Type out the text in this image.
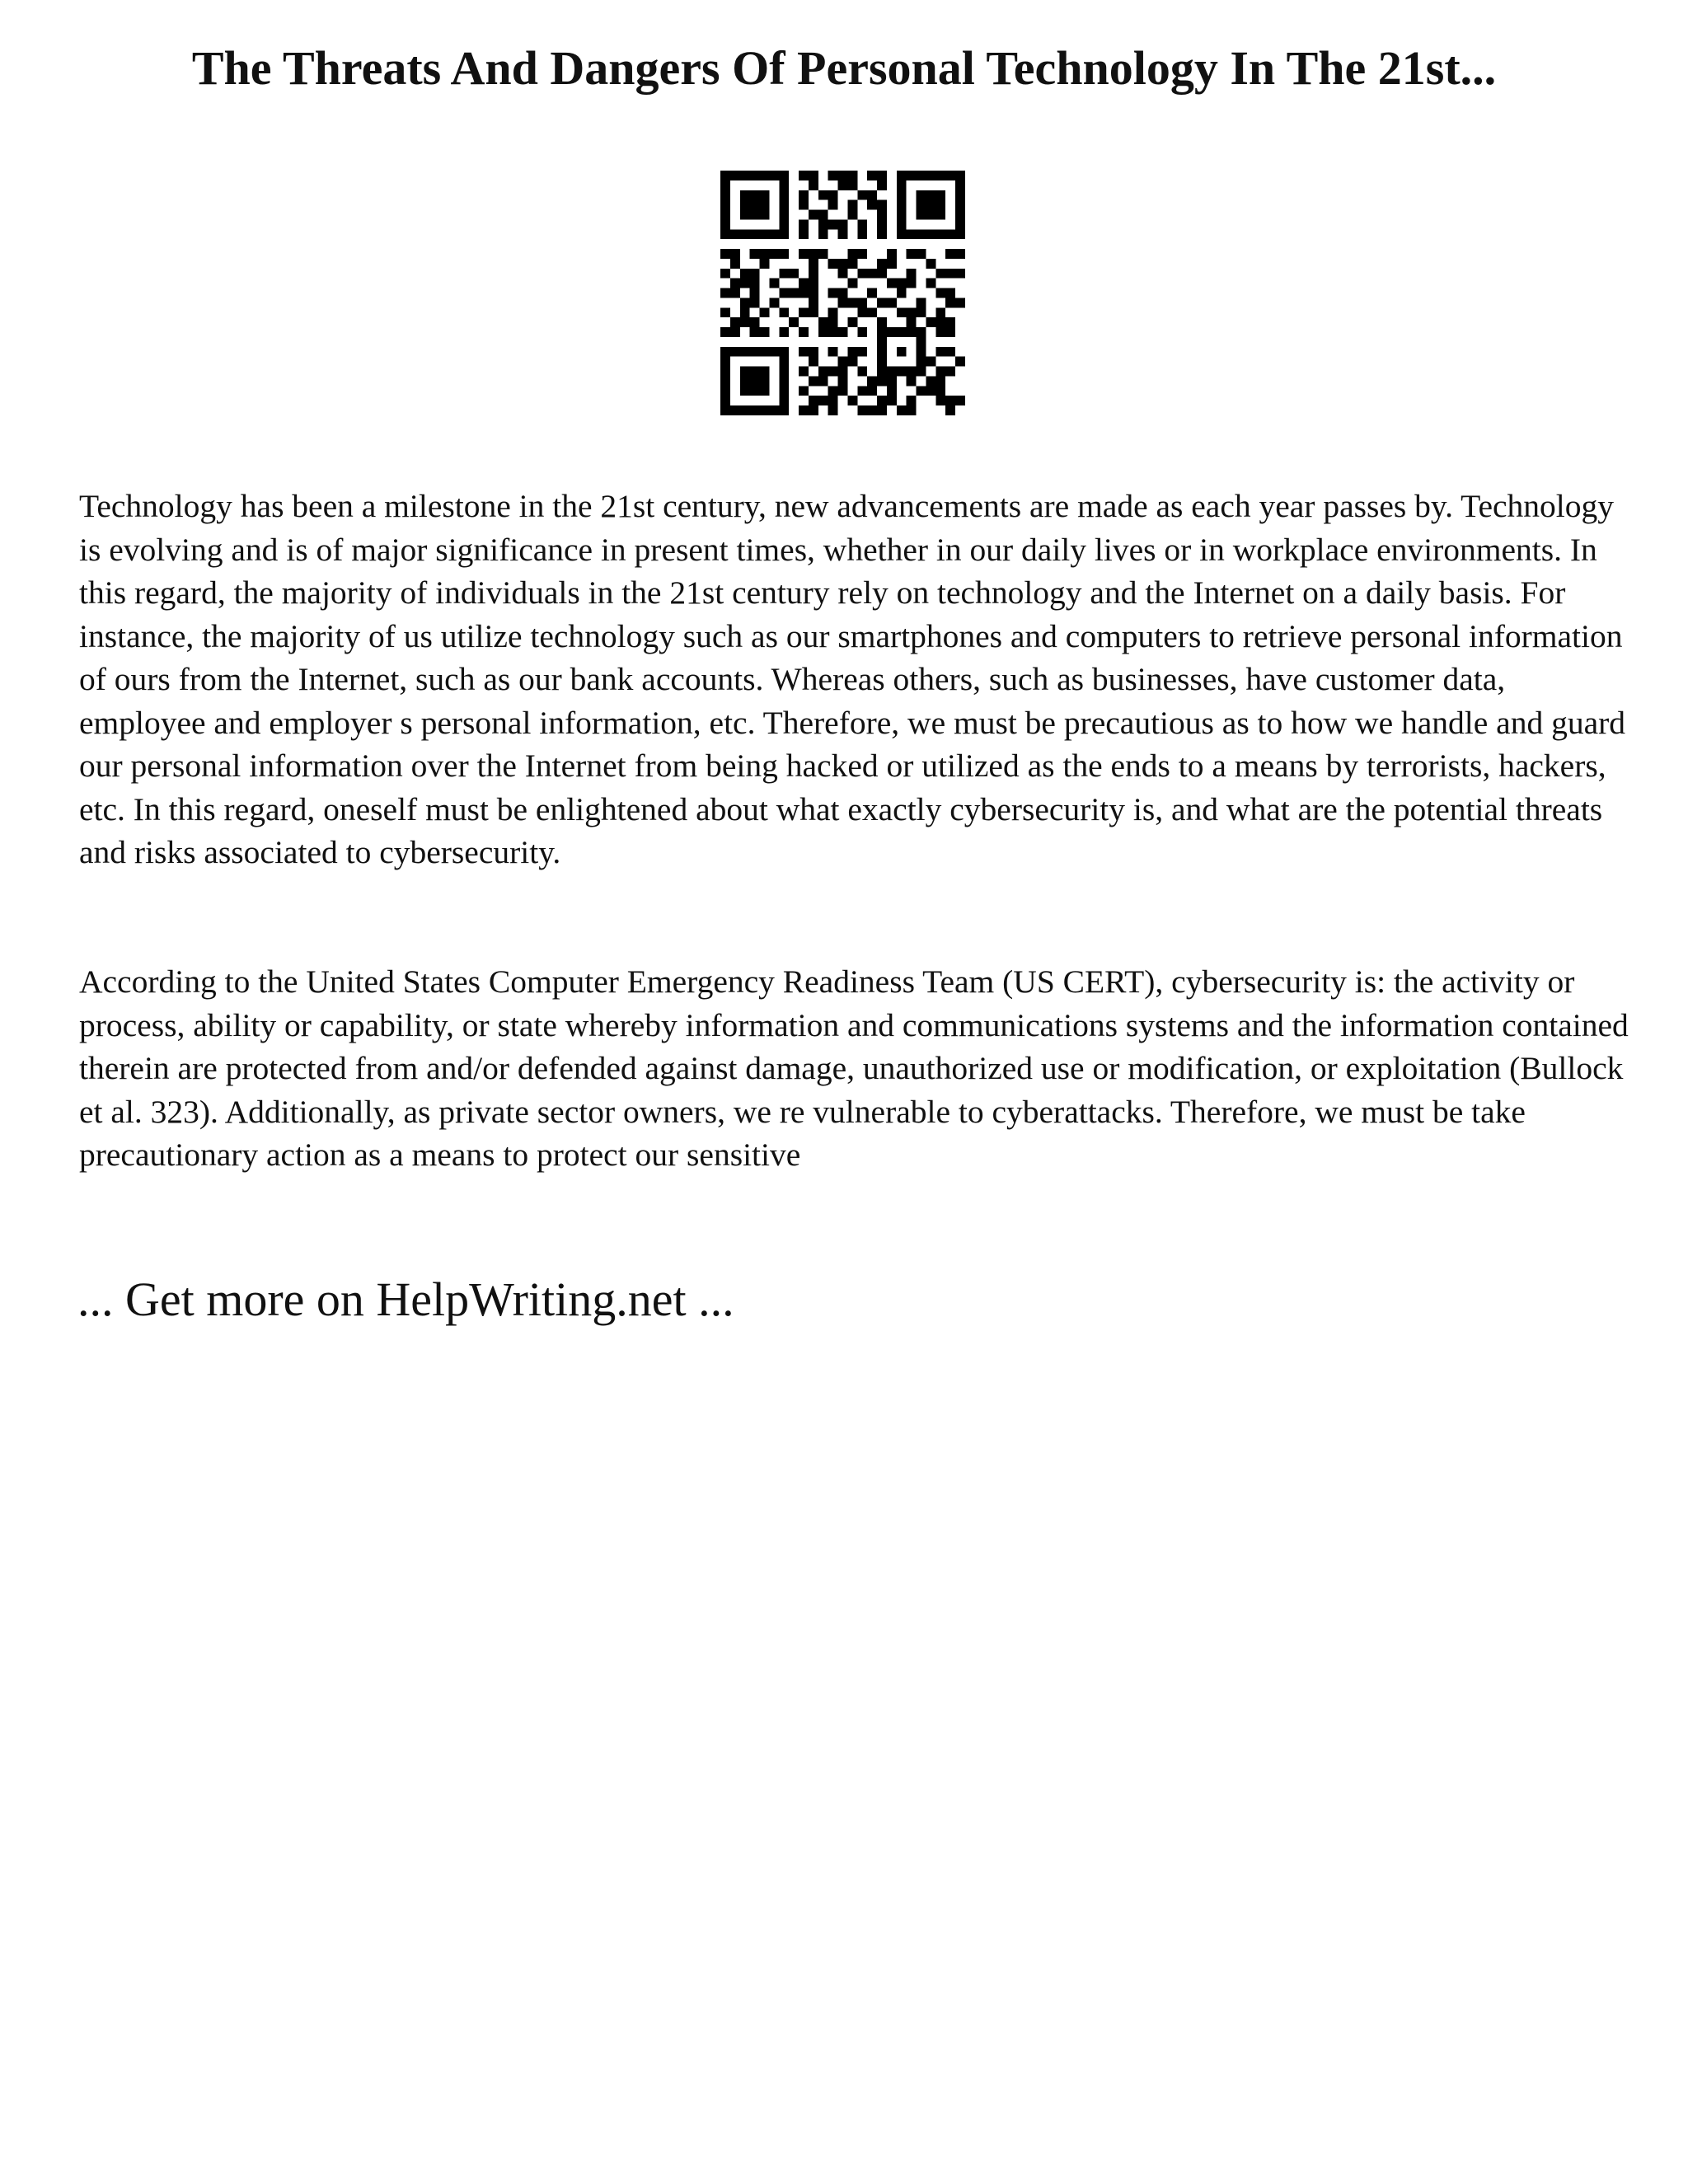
The Threats And Dangers Of Personal Technology In The 21st...

Technology has been a milestone in the 21st century, new advancements are made as each year passes by. Technology is evolving and is of major significance in present times, whether in our daily lives or in workplace environments. In this regard, the majority of individuals in the 21st century rely on technology and the Internet on a daily basis. For instance, the majority of us utilize technology such as our smartphones and computers to retrieve personal information of ours from the Internet, such as our bank accounts. Whereas others, such as businesses, have customer data, employee and employer s personal information, etc. Therefore, we must be precautious as to how we handle and guard our personal information over the Internet from being hacked or utilized as the ends to a means by terrorists, hackers, etc. In this regard, oneself must be enlightened about what exactly cybersecurity is, and what are the potential threats and risks associated to cybersecurity.

According to the United States Computer Emergency Readiness Team (US CERT), cybersecurity is: the activity or process, ability or capability, or state whereby information and communications systems and the information contained therein are protected from and/or defended against damage, unauthorized use or modification, or exploitation (Bullock et al. 323). Additionally, as private sector owners, we re vulnerable to cyberattacks. Therefore, we must be take precautionary action as a means to protect our sensitive

... Get more on HelpWriting.net ...
